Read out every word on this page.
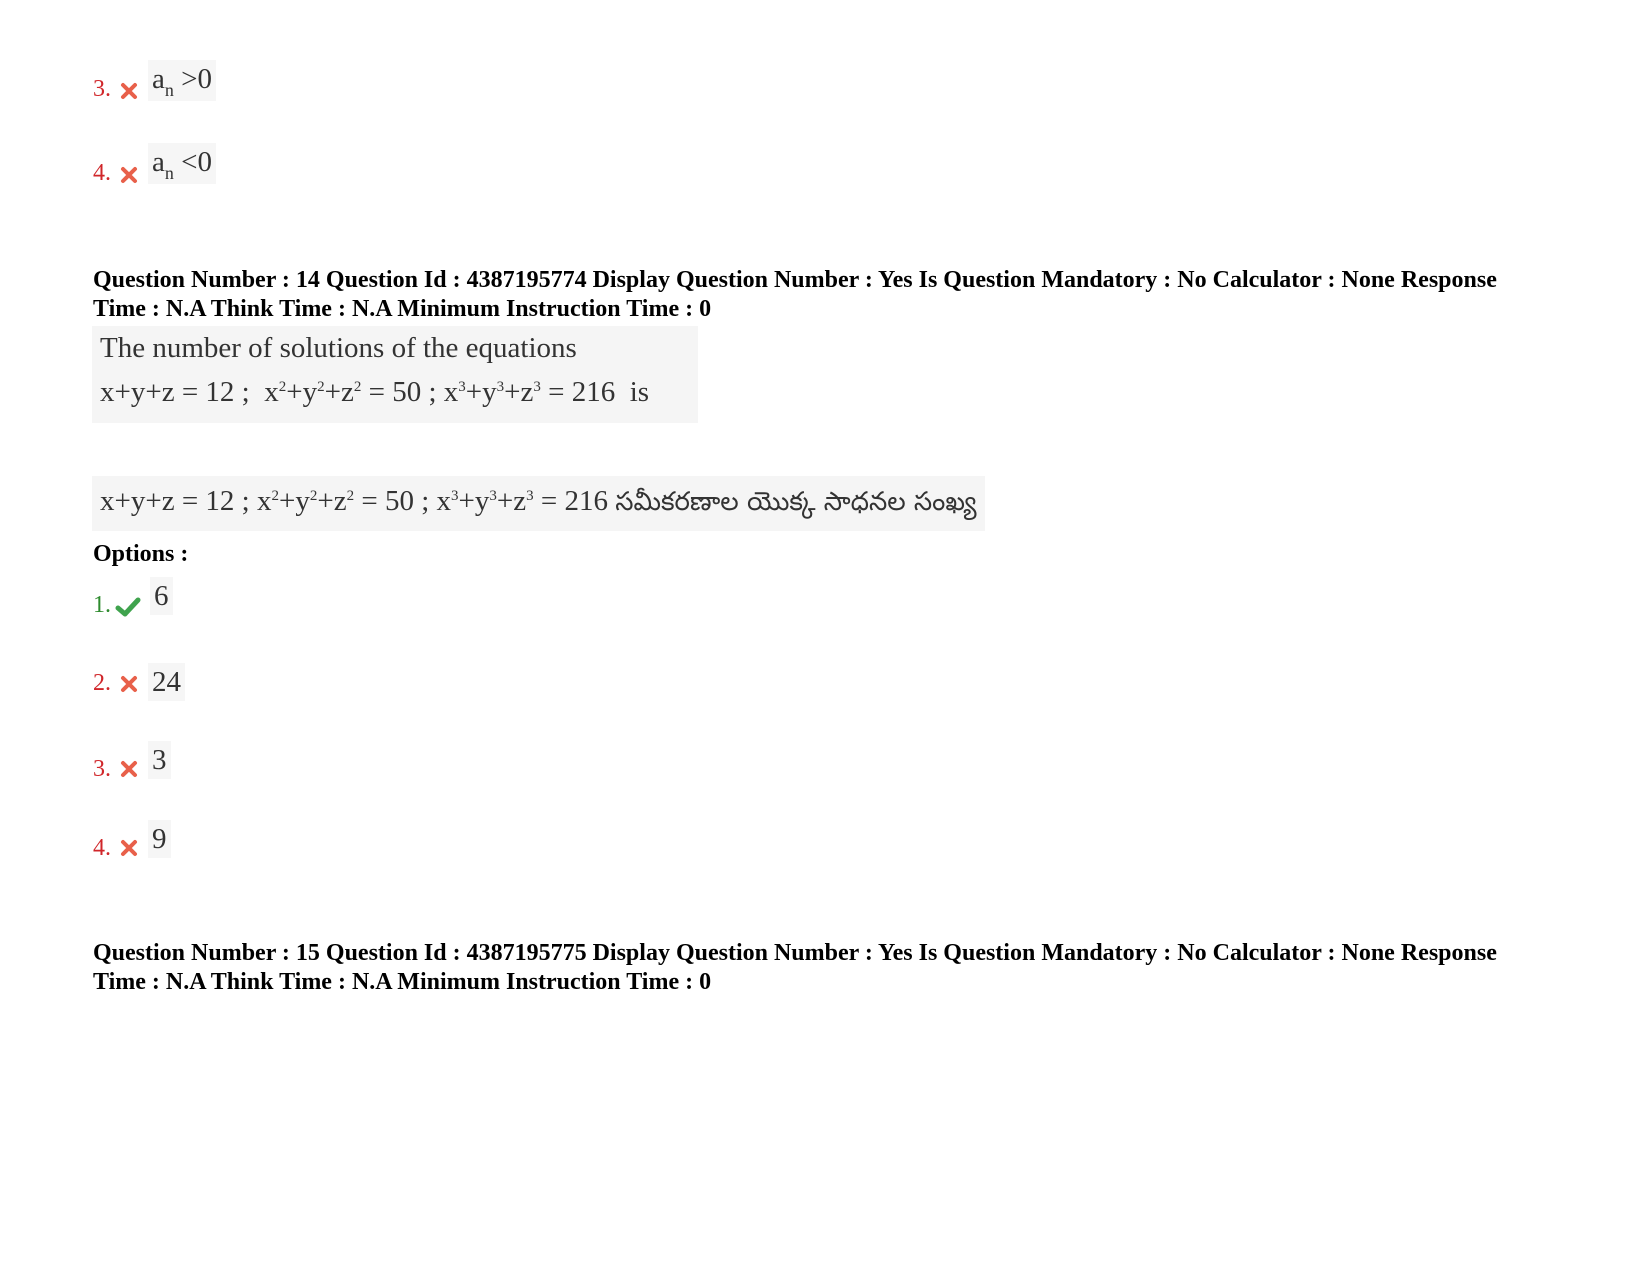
3. $a_n >0$
4. $a_n <0$
Question Number : 14 Question Id : 4387195774 Display Question Number : Yes Is Question Mandatory : No Calculator : None Response
Time : N.A Think Time : N.A Minimum Instruction Time : 0
The number of solutions of the equations
x+y+z = 12 ; $x^2+y^2+z^2 = 50$ ; $x^3+y^3+z^3 = 216$ is
x+y+z = 12 ; $x^2+y^2+z^2 = 50$ ; $x^3+y^3+z^3 = 216$ సమీకరణాల యొక్క సాధనల సంఖ్య
Options :
1. 6
2. 24
3. 3
4. 9
Question Number : 15 Question Id : 4387195775 Display Question Number : Yes Is Question Mandatory : No Calculator : None Response
Time : N.A Think Time : N.A Minimum Instruction Time : 0
